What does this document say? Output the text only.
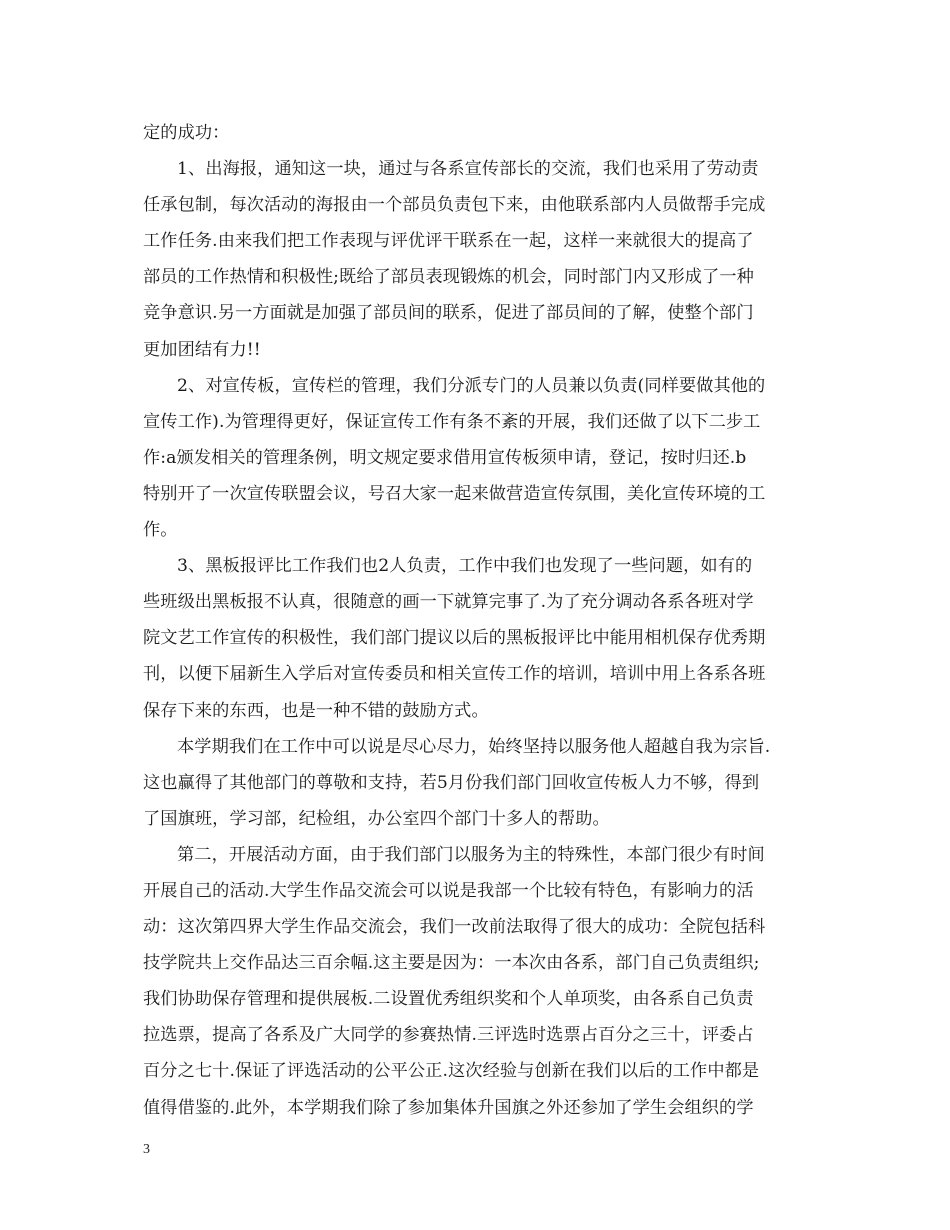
定的成功：
1、出海报，通知这一块，通过与各系宣传部长的交流，我们也采用了劳动责
任承包制，每次活动的海报由一个部员负责包下来，由他联系部内人员做帮手完成
工作任务.由来我们把工作表现与评优评干联系在一起，这样一来就很大的提高了
部员的工作热情和积极性;既给了部员表现锻炼的机会，同时部门内又形成了一种
竞争意识.另一方面就是加强了部员间的联系，促进了部员间的了解，使整个部门
更加团结有力!!
2、对宣传板，宣传栏的管理，我们分派专门的人员兼以负责(同样要做其他的
宣传工作).为管理得更好，保证宣传工作有条不紊的开展，我们还做了以下二步工
作:a颁发相关的管理条例，明文规定要求借用宣传板须申请，登记，按时归还.b
特别开了一次宣传联盟会议，号召大家一起来做营造宣传氛围，美化宣传环境的工
作。
3、黑板报评比工作我们也2人负责，工作中我们也发现了一些问题，如有的
些班级出黑板报不认真，很随意的画一下就算完事了.为了充分调动各系各班对学
院文艺工作宣传的积极性，我们部门提议以后的黑板报评比中能用相机保存优秀期
刊，以便下届新生入学后对宣传委员和相关宣传工作的培训，培训中用上各系各班
保存下来的东西，也是一种不错的鼓励方式。
本学期我们在工作中可以说是尽心尽力，始终坚持以服务他人超越自我为宗旨.
这也赢得了其他部门的尊敬和支持，若5月份我们部门回收宣传板人力不够，得到
了国旗班，学习部，纪检组，办公室四个部门十多人的帮助。
第二，开展活动方面，由于我们部门以服务为主的特殊性，本部门很少有时间
开展自己的活动.大学生作品交流会可以说是我部一个比较有特色，有影响力的活
动：这次第四界大学生作品交流会，我们一改前法取得了很大的成功：全院包括科
技学院共上交作品达三百余幅.这主要是因为：一本次由各系，部门自己负责组织;
我们协助保存管理和提供展板.二设置优秀组织奖和个人单项奖，由各系自己负责
拉选票，提高了各系及广大同学的参赛热情.三评选时选票占百分之三十，评委占
百分之七十.保证了评选活动的公平公正.这次经验与创新在我们以后的工作中都是
值得借鉴的.此外，本学期我们除了参加集体升国旗之外还参加了学生会组织的学
3
